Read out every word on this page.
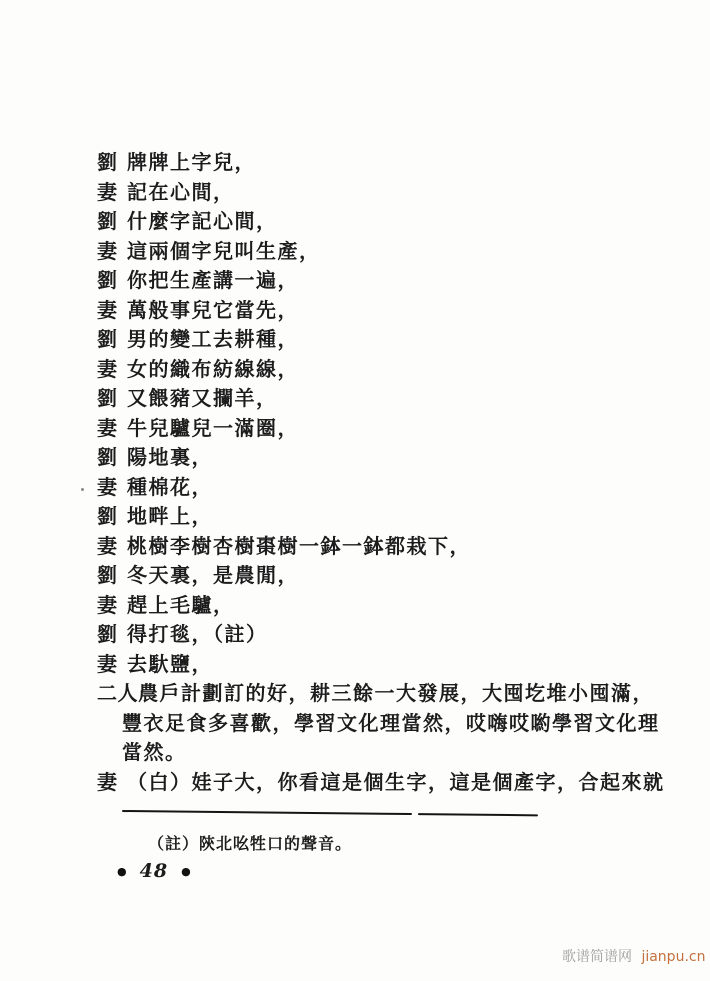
劉 牌牌上字兒，
妻 記在心間，
劉 什麼字記心間，
妻 這兩個字兒叫生產，
劉 你把生產講一遍，
妻 萬般事兒它當先，
劉 男的變工去耕種，
妻 女的織布紡線線，
劉 又餵豬又攔羊，
妻 牛兒驢兒一滿圈，
劉 陽地裏，
妻 種棉花，
劉 地畔上，
妻 桃樹李樹杏樹棗樹一鉢一鉢都栽下，
劉 冬天裏，是農閒，
妻 趕上毛驢，
劉 得打毯，（註）
妻 去馱鹽，
二人 農戶計劃訂的好，耕三餘一大發展，大囤圪堆小囤滿，
豐衣足食多喜歡，學習文化理當然，哎嗨哎喲學習文化理
當然。
妻 （白）娃子大，你看這是個生字，這是個產字，合起來就
（註）陝北吆牲口的聲音。
● 48 ●
歌谱简谱网 jianpu.cn
